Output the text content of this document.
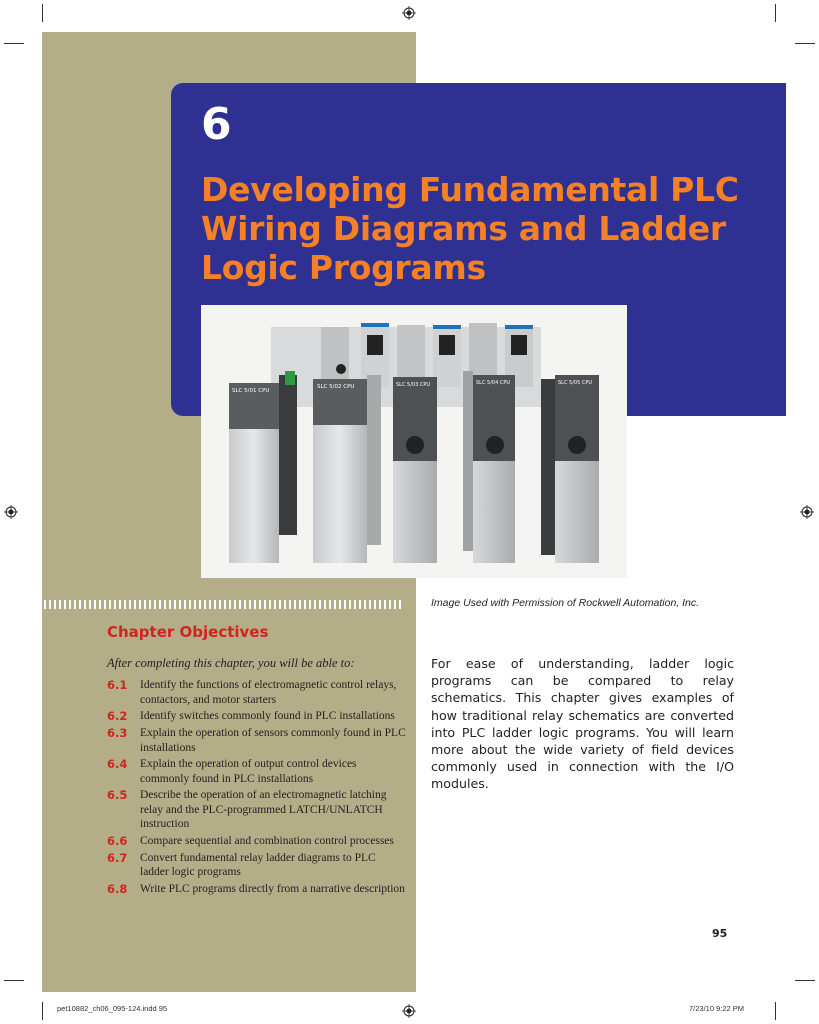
6
Developing Fundamental PLC Wiring Diagrams and Ladder Logic Programs
SLC 5/01 CPU
SLC 5/02 CPU	SLC 5/03 CPU	SLC 5/04 CPU	SLC 5/05 CPU
Image Used with Permission of Rockwell Automation, Inc.
Chapter Objectives
After completing this chapter, you will be able to:
6.1	Identify the functions of electromagnetic control relays, contactors, and motor starters
6.2	Identify switches commonly found in PLC installations
6.3	Explain the operation of sensors commonly found in PLC installations
6.4	Explain the operation of output control devices commonly found in PLC installations
6.5	Describe the operation of an electromagnetic latching relay and the PLC-programmed LATCH/UNLATCH instruction
6.6	Compare sequential and combination control processes
6.7	Convert fundamental relay ladder diagrams to PLC ladder logic programs
6.8	Write PLC programs directly from a narrative description
For ease of understanding, ladder logic programs can be compared to relay schematics. This chapter gives examples of how traditional relay schematics are converted into PLC ladder logic programs. You will learn more about the wide variety of field devices commonly used in connection with the I/O modules.
95
pet10882_ch06_095-124.indd 95	7/23/10 9:22 PM
